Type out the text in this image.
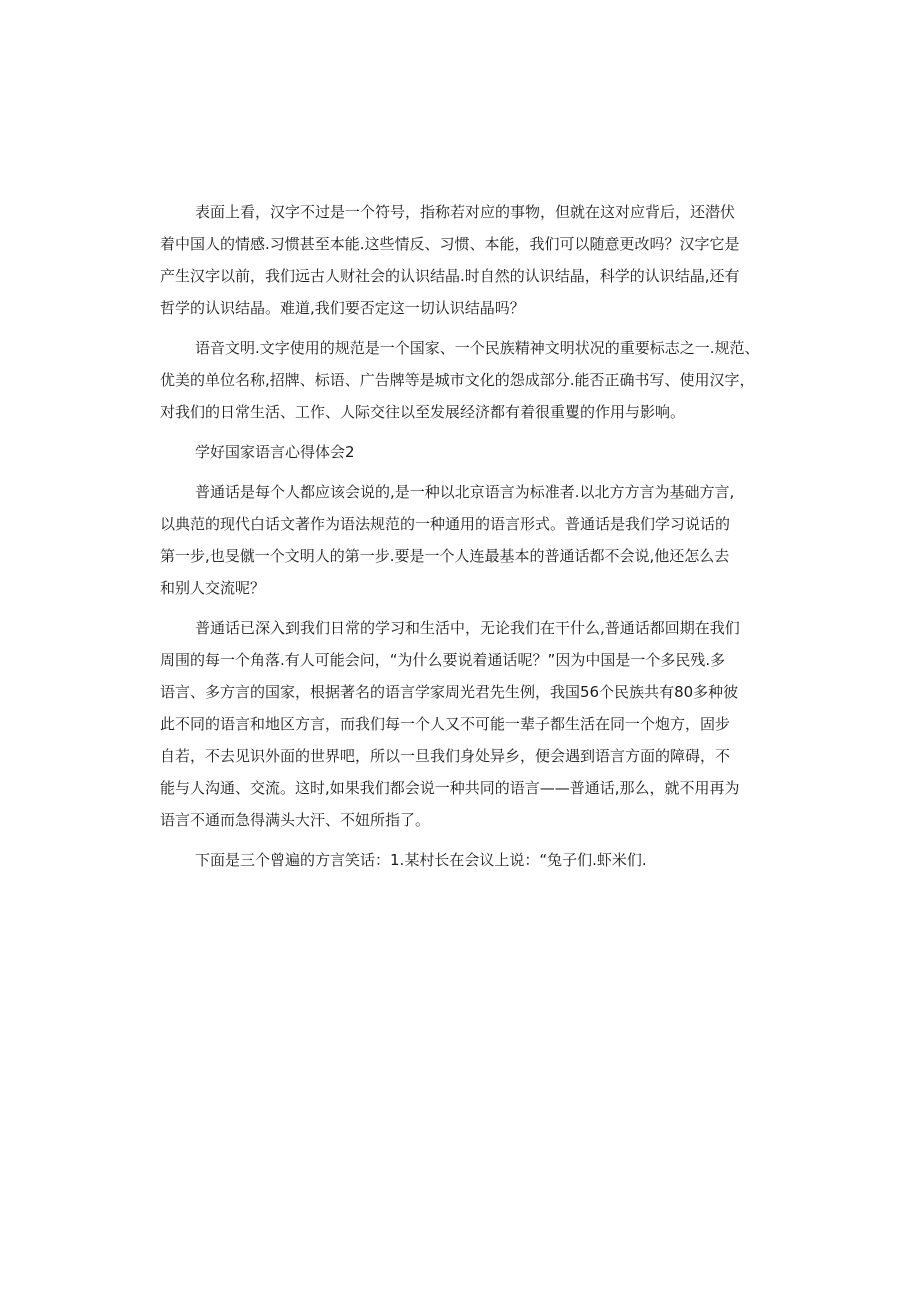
表面上看，汉字不过是一个符号，指称若对应的事物，但就在这对应背后，还潜伏
着中国人的情感.习惯甚至本能.这些情反、习惯、本能，我们可以随意更改吗？汉字它是
产生汉字以前，我们远古人财社会的认识结晶.时自然的认识结晶，科学的认识结晶,还有
哲学的认识结晶。难道,我们要否定这一切认识结晶吗？

语音文明.文字使用的规范是一个国家、一个民族精神文明状况的重要标志之一.规范、
优美的单位名称,招牌、标语、广告牌等是城市文化的怨成部分.能否正确书写、使用汉字，
对我们的日常生活、工作、人际交往以至发展经济都有着很重矍的作用与影响。

学好国家语言心得体会2

普通话是每个人都应该会说的,是一种以北京语言为标准者.以北方方言为基础方言,
以典范的现代白话文著作为语法规范的一种通用的语言形式。普通话是我们学习说话的
第一步,也旻僦一个文明人的第一步.要是一个人连最基本的普通话都不会说,他还怎么去
和别人交流呢？

普通话已深入到我们日常的学习和生活中，无论我们在干什么,普通话都回期在我们
周围的每一个角落.有人可能会问，“为什么要说着通话呢？”因为中国是一个多民残.多
语言、多方言的国家，根据著名的语言学家周光君先生例，我国56个民族共有80多种彼
此不同的语言和地区方言，而我们每一个人又不可能一辈子都生活在同一个炮方，固步
自若，不去见识外面的世界吧，所以一旦我们身处异乡，便会遇到语言方面的障碍，不
能与人沟通、交流。这时,如果我们都会说一种共同的语言——普通话,那么，就不用再为
语言不通而急得满头大汗、不妞所指了。

下面是三个曾遍的方言笑话：1.某村长在会议上说：“兔子们.虾米们.
